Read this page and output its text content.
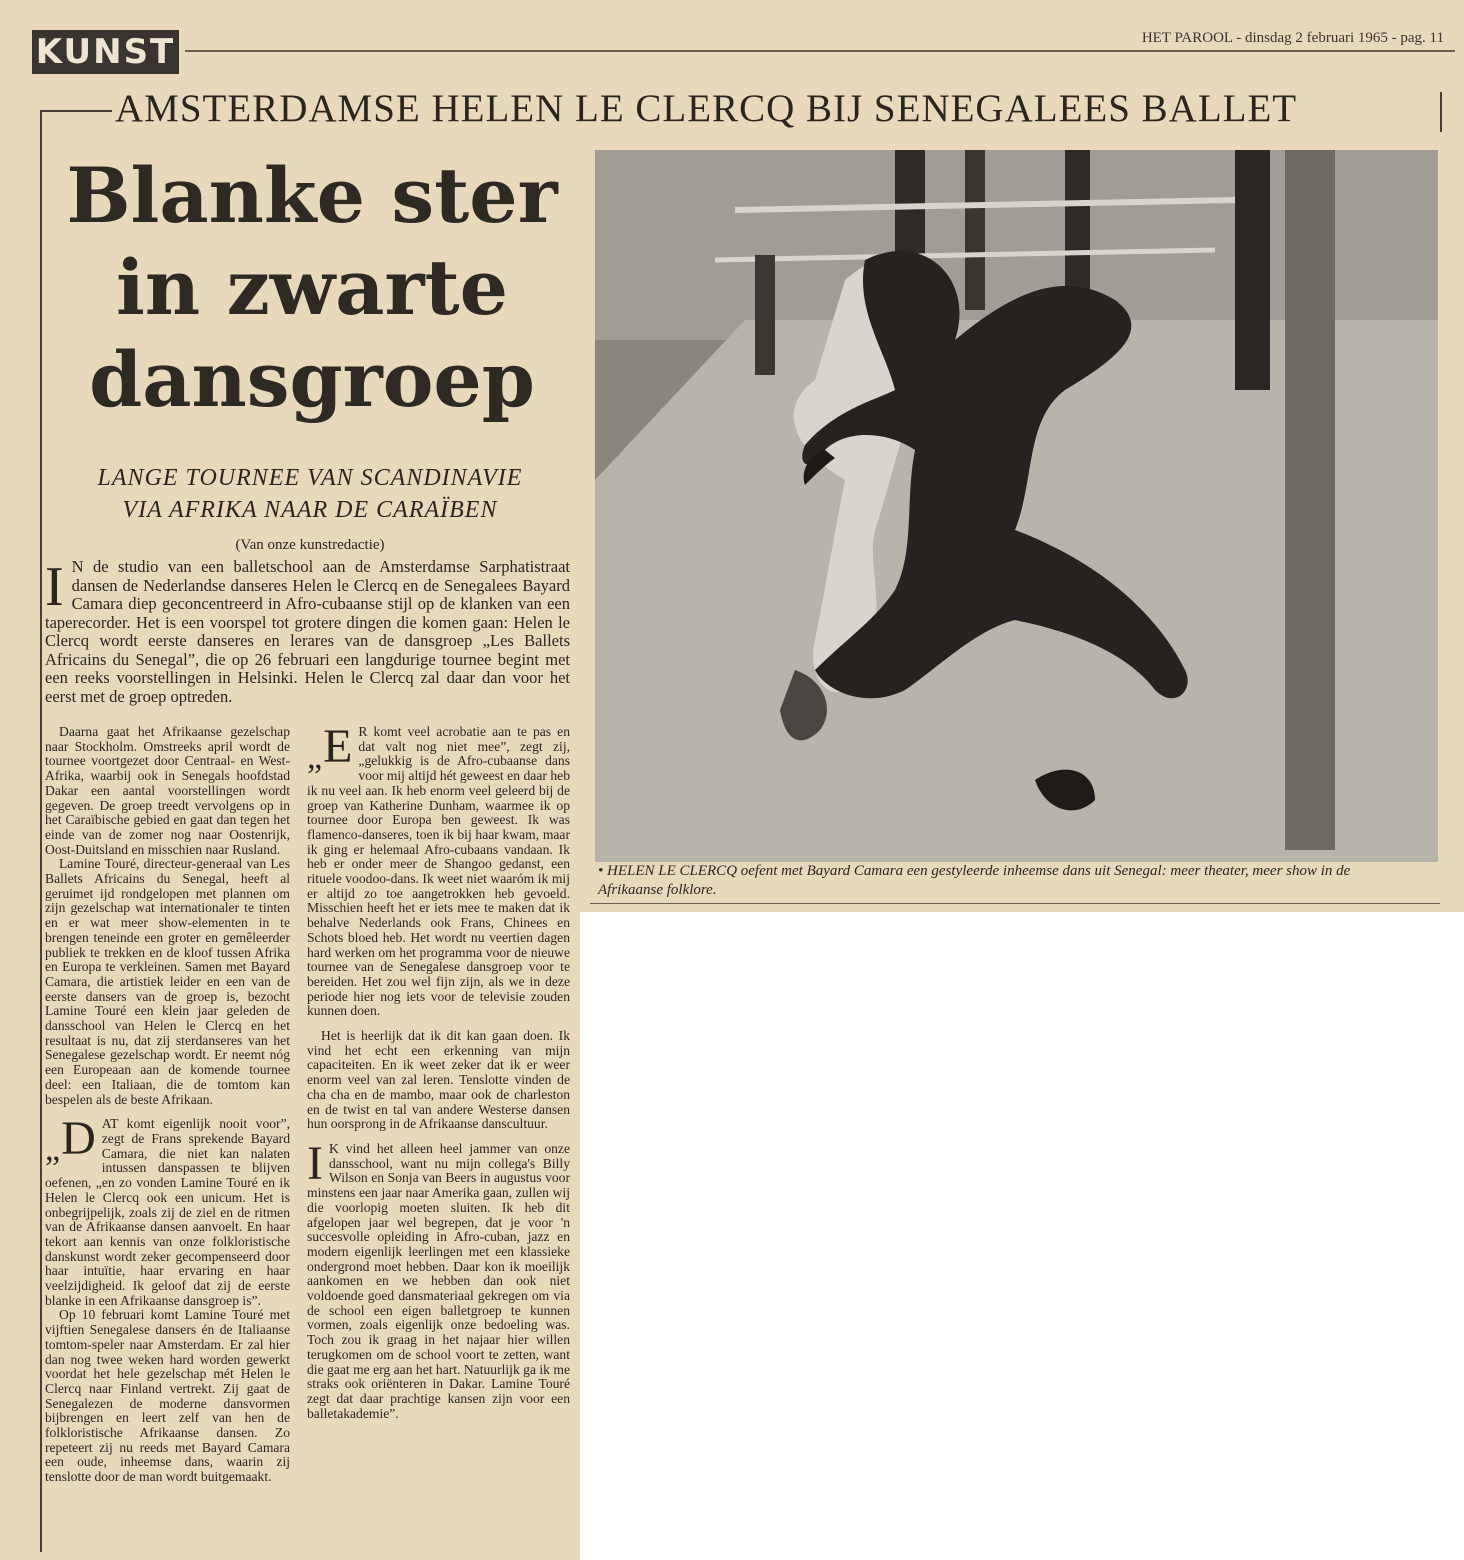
KUNST	HET PAROOL - dinsdag 2 februari 1965 - pag. 11
AMSTERDAMSE HELEN LE CLERCQ BIJ SENEGALEES BALLET
Blanke ster
in zwarte
dansgroep
LANGE TOURNEE VAN SCANDINAVIE
VIA AFRIKA NAAR DE CARAÏBEN
(Van onze kunstredactie)

I N de studio van een balletschool aan de Amsterdamse Sarphatistraat dansen de Nederlandse danseres Helen le Clercq en de Senegalees Bayard Camara diep geconcentreerd in Afro-cubaanse stijl op de klanken van een taperecorder. Het is een voorspel tot grotere dingen die komen gaan: Helen le Clercq wordt eerste danseres en lerares van de dansgroep „Les Ballets Africains du Senegal”, die op 26 februari een langdurige tournee begint met een reeks voorstellingen in Helsinki. Helen le Clercq zal daar dan voor het eerst met de groep optreden.

Daarna gaat het Afrikaanse gezelschap naar Stockholm. Omstreeks april wordt de tournee voortgezet door Centraal- en West-Afrika, waarbij ook in Senegals hoofdstad Dakar een aantal voorstellingen wordt gegeven. De groep treedt vervolgens op in het Caraïbische gebied en gaat dan tegen het einde van de zomer nog naar Oostenrijk, Oost-Duitsland en misschien naar Rusland.

Lamine Touré, directeur-generaal van Les Ballets Africains du Senegal, heeft al geruimet ijd rondgelopen met plannen om zijn gezelschap wat internationaler te tinten en er wat meer show-elementen in te brengen teneinde een groter en gemêleerder publiek te trekken en de kloof tussen Afrika en Europa te verkleinen. Samen met Bayard Camara, die artistiek leider en een van de eerste dansers van de groep is, bezocht Lamine Touré een klein jaar geleden de dansschool van Helen le Clercq en het resultaat is nu, dat zij sterdanseres van het Senegalese gezelschap wordt. Er neemt nóg een Europeaan aan de komende tournee deel: een Italiaan, die de tomtom kan bespelen als de beste Afrikaan.

„D AT komt eigenlijk nooit voor”, zegt de Frans sprekende Bayard Camara, die niet kan nalaten intussen danspassen te blijven oefenen, „en zo vonden Lamine Touré en ik Helen le Clercq ook een unicum. Het is onbegrijpelijk, zoals zij de ziel en de ritmen van de Afrikaanse dansen aanvoelt. En haar tekort aan kennis van onze folkloristische danskunst wordt zeker gecompenseerd door haar intuïtie, haar ervaring en haar veelzijdigheid. Ik geloof dat zij de eerste blanke in een Afrikaanse dansgroep is”.

Op 10 februari komt Lamine Touré met vijftien Senegalese dansers én de Italiaanse tomtom-speler naar Amsterdam. Er zal hier dan nog twee weken hard worden gewerkt voordat het hele gezelschap mét Helen le Clercq naar Finland vertrekt. Zij gaat de Senegalezen de moderne dansvormen bijbrengen en leert zelf van hen de folkloristische Afrikaanse dansen. Zo repeteert zij nu reeds met Bayard Camara een oude, inheemse dans, waarin zij tenslotte door de man wordt buitgemaakt.

„E R komt veel acrobatie aan te pas en dat valt nog niet mee”, zegt zij, „gelukkig is de Afro-cubaanse dans voor mij altijd hét geweest en daar heb ik nu veel aan. Ik heb enorm veel geleerd bij de groep van Katherine Dunham, waarmee ik op tournee door Europa ben geweest. Ik was flamenco-danseres, toen ik bij haar kwam, maar ik ging er helemaal Afro-cubaans vandaan. Ik heb er onder meer de Shangoo gedanst, een rituele voodoo-dans. Ik weet niet waaróm ik mij er altijd zo toe aangetrokken heb gevoeld. Misschien heeft het er iets mee te maken dat ik behalve Nederlands ook Frans, Chinees en Schots bloed heb. Het wordt nu veertien dagen hard werken om het programma voor de nieuwe tournee van de Senegalese dansgroep voor te bereiden. Het zou wel fijn zijn, als we in deze periode hier nog iets voor de televisie zouden kunnen doen.

Het is heerlijk dat ik dit kan gaan doen. Ik vind het echt een erkenning van mijn capaciteiten. En ik weet zeker dat ik er weer enorm veel van zal leren. Tenslotte vinden de cha cha en de mambo, maar ook de charleston en de twist en tal van andere Westerse dansen hun oorsprong in de Afrikaanse danscultuur.

I K vind het alleen heel jammer van onze dansschool, want nu mijn collega's Billy Wilson en Sonja van Beers in augustus voor minstens een jaar naar Amerika gaan, zullen wij die voorlopig moeten sluiten. Ik heb dit afgelopen jaar wel begrepen, dat je voor 'n succesvolle opleiding in Afro-cuban, jazz en modern eigenlijk leerlingen met een klassieke ondergrond moet hebben. Daar kon ik moeilijk aankomen en we hebben dan ook niet voldoende goed dansmateriaal gekregen om via de school een eigen balletgroep te kunnen vormen, zoals eigenlijk onze bedoeling was. Toch zou ik graag in het najaar hier willen terugkomen om de school voort te zetten, want die gaat me erg aan het hart. Natuurlijk ga ik me straks ook oriënteren in Dakar. Lamine Touré zegt dat daar prachtige kansen zijn voor een balletakademie”.

• HELEN LE CLERCQ oefent met Bayard Camara een gestyleerde inheemse dans uit Senegal: meer theater, meer show in de Afrikaanse folklore.
